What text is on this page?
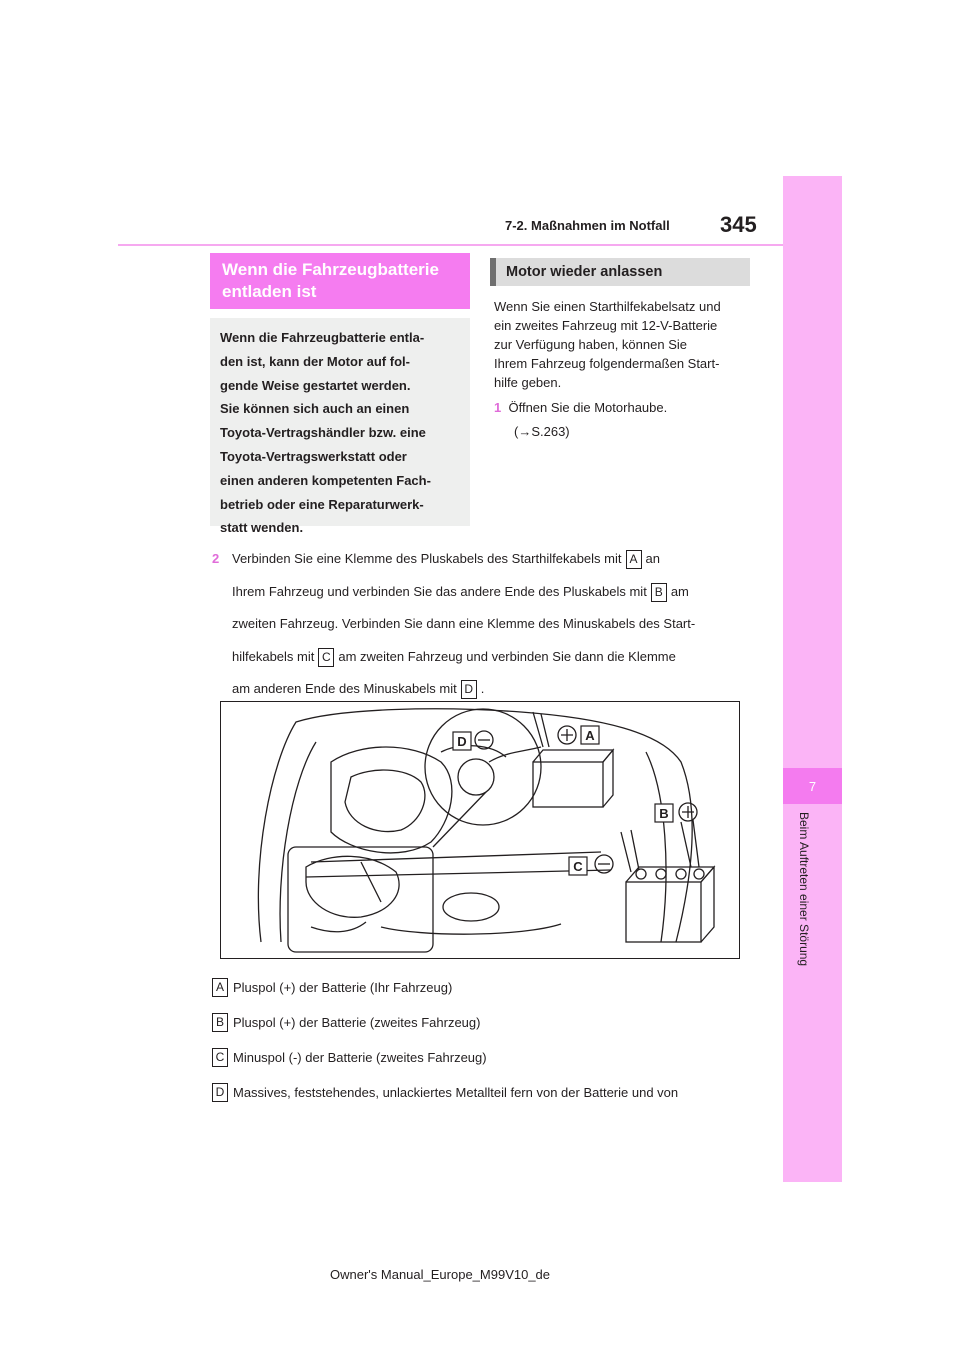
7
Beim Auftreten einer Störung
7-2. Maßnahmen im Notfall 345
Wenn die Fahrzeugbatterie
entladen ist

Wenn die Fahrzeugbatterie entla-

den ist, kann der Motor auf fol-

gende Weise gestartet werden.

Sie können sich auch an einen

Toyota-Vertragshändler bzw. eine

Toyota-Vertragswerkstatt oder

einen anderen kompetenten Fach-

betrieb oder eine Reparaturwerk-

statt wenden.

Motor wieder anlassen

Wenn Sie einen Starthilfekabelsatz und

ein zweites Fahrzeug mit 12-V-Batterie

zur Verfügung haben, können Sie

Ihrem Fahrzeug folgendermaßen Start-

hilfe geben.

1 Öffnen Sie die Motorhaube.

(→S.263)

2 Verbinden Sie eine Klemme des Pluskabels des Starthilfekabels mit A an

Ihrem Fahrzeug und verbinden Sie das andere Ende des Pluskabels mit B am

zweiten Fahrzeug. Verbinden Sie dann eine Klemme des Minuskabels des Start-

hilfekabels mit C am zweiten Fahrzeug und verbinden Sie dann die Klemme

am anderen Ende des Minuskabels mit D .

A
D
B
C
A Pluspol (+) der Batterie (Ihr Fahrzeug)
B Pluspol (+) der Batterie (zweites Fahrzeug)
C Minuspol (-) der Batterie (zweites Fahrzeug)
D Massives, feststehendes, unlackiertes Metallteil fern von der Batterie und von
Owner's Manual_Europe_M99V10_de
